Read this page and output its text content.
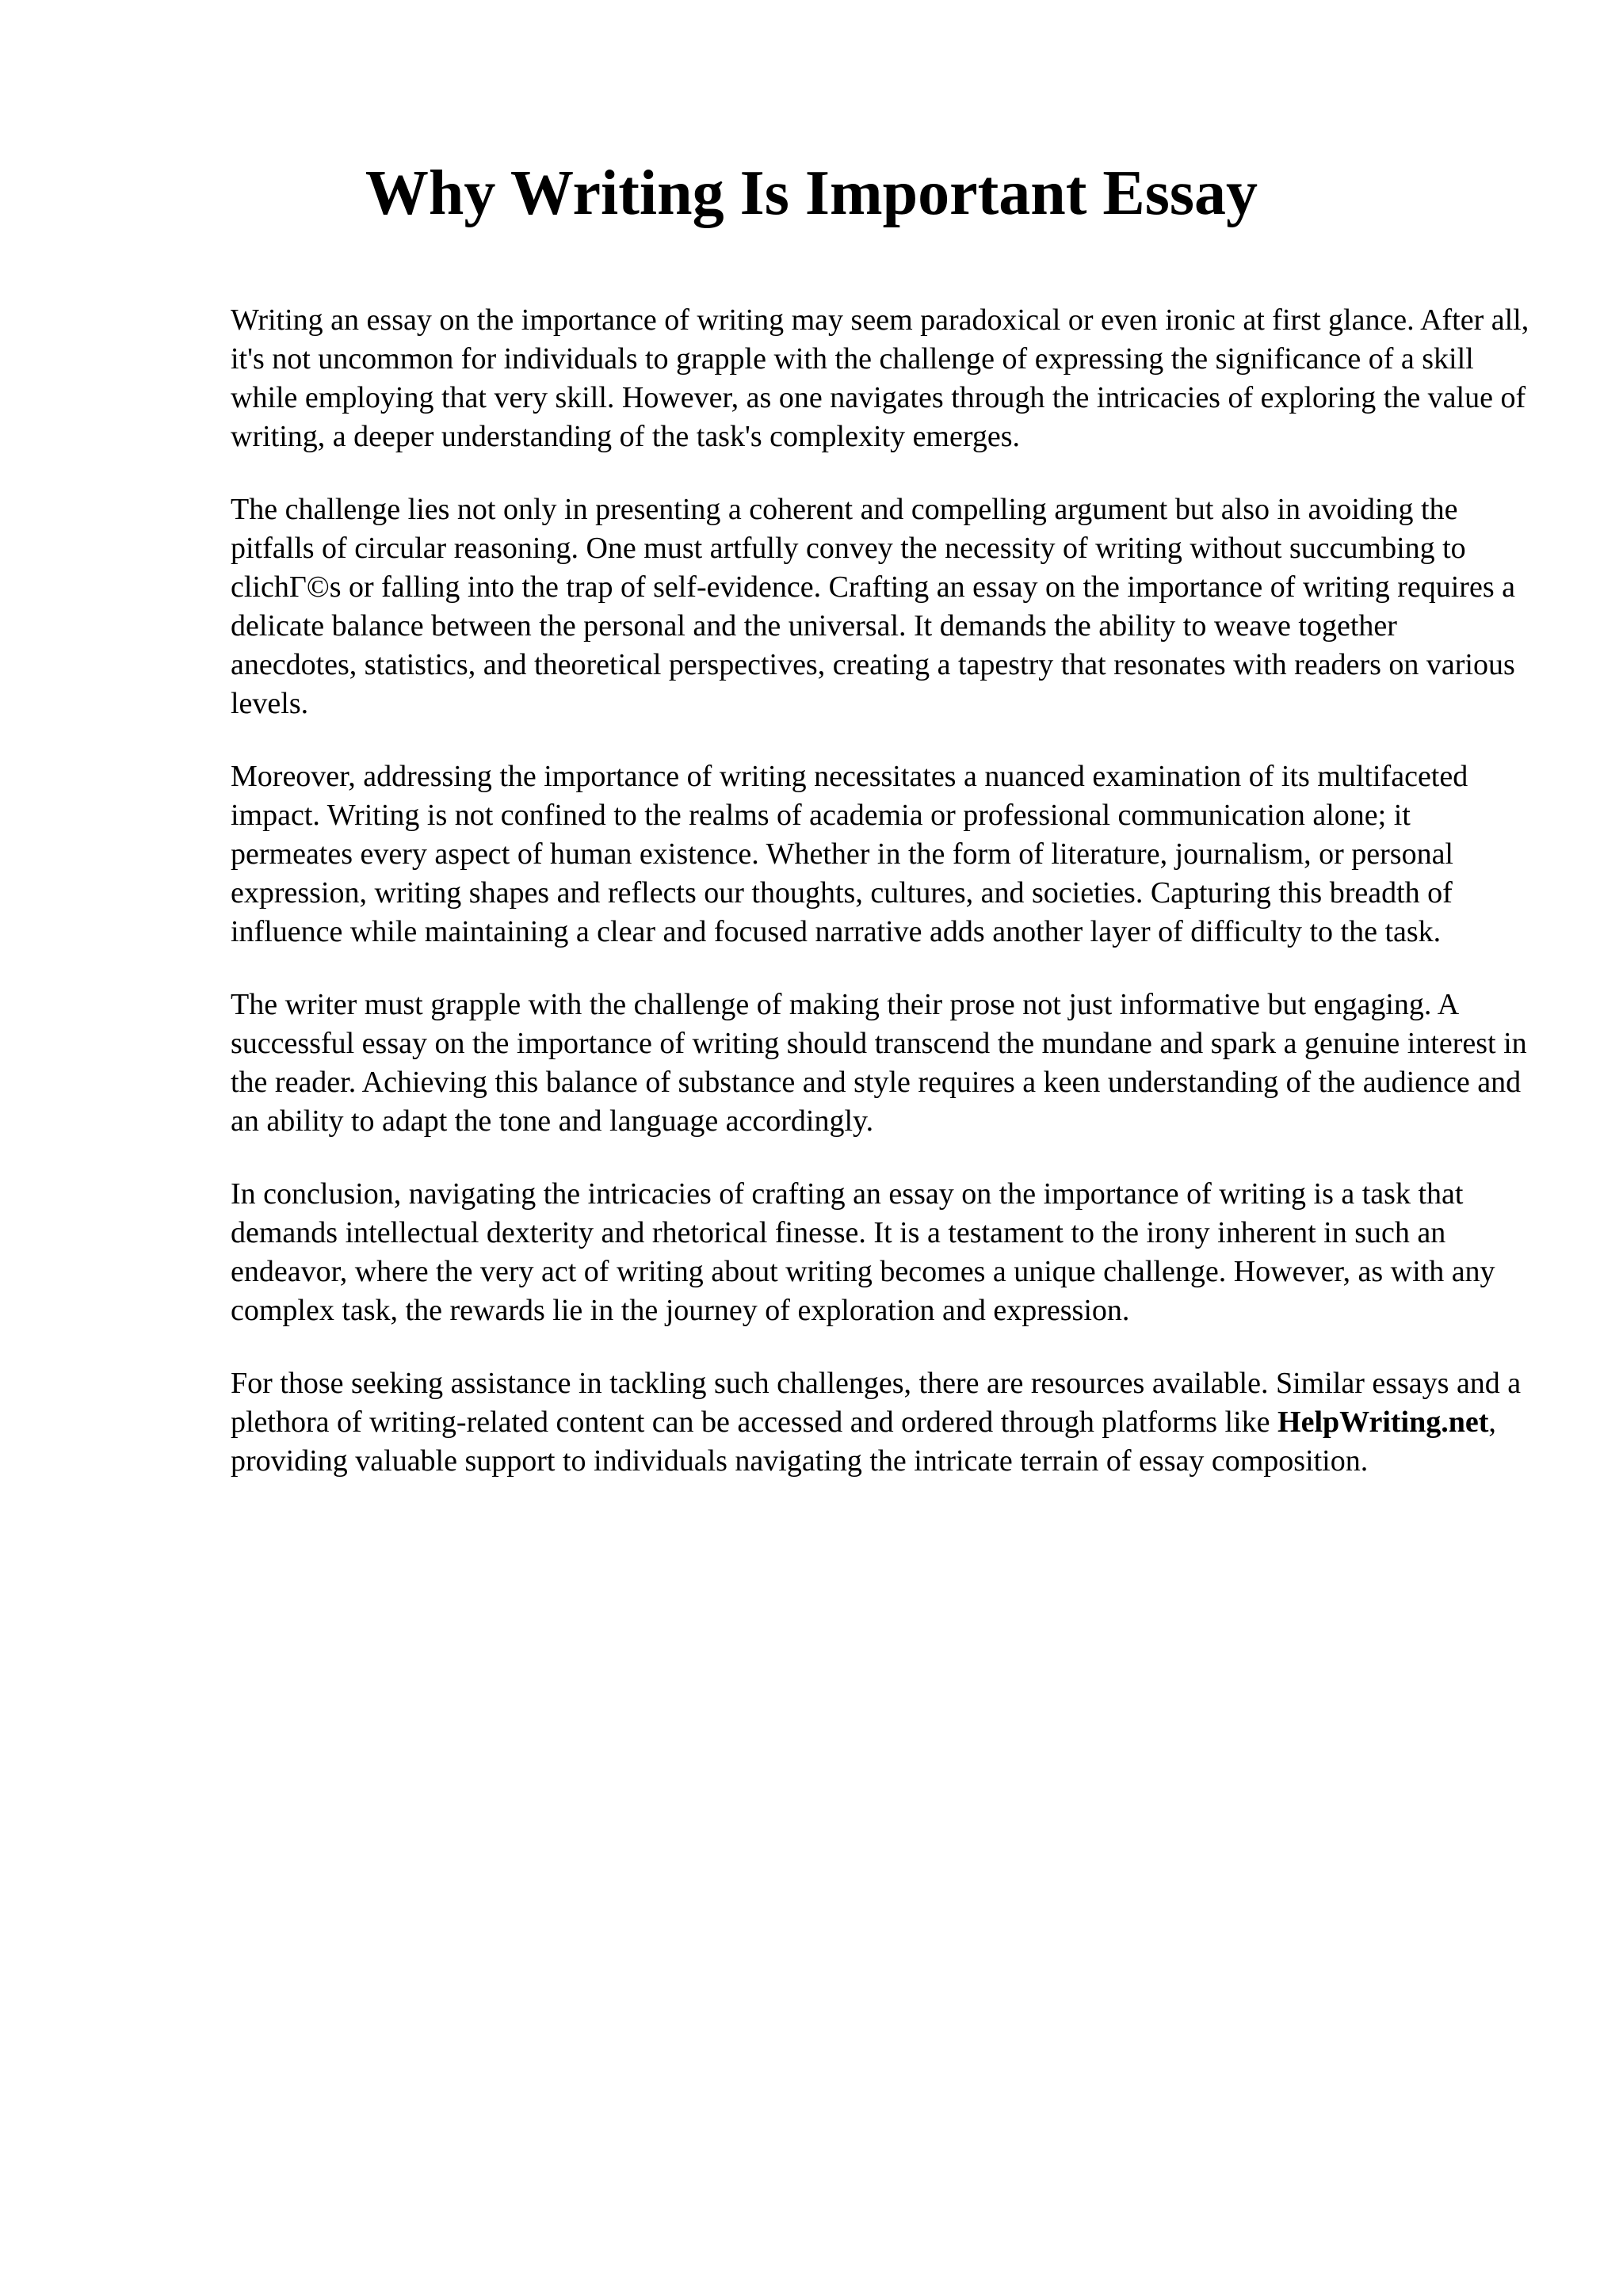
Why Writing Is Important Essay

Writing an essay on the importance of writing may seem paradoxical or even ironic at first glance. After all, it's not uncommon for individuals to grapple with the challenge of expressing the significance of a skill while employing that very skill. However, as one navigates through the intricacies of exploring the value of writing, a deeper understanding of the task's complexity emerges.

The challenge lies not only in presenting a coherent and compelling argument but also in avoiding the pitfalls of circular reasoning. One must artfully convey the necessity of writing without succumbing to clichΓ©s or falling into the trap of self-evidence. Crafting an essay on the importance of writing requires a delicate balance between the personal and the universal. It demands the ability to weave together anecdotes, statistics, and theoretical perspectives, creating a tapestry that resonates with readers on various levels.

Moreover, addressing the importance of writing necessitates a nuanced examination of its multifaceted impact. Writing is not confined to the realms of academia or professional communication alone; it permeates every aspect of human existence. Whether in the form of literature, journalism, or personal expression, writing shapes and reflects our thoughts, cultures, and societies. Capturing this breadth of influence while maintaining a clear and focused narrative adds another layer of difficulty to the task.

The writer must grapple with the challenge of making their prose not just informative but engaging. A successful essay on the importance of writing should transcend the mundane and spark a genuine interest in the reader. Achieving this balance of substance and style requires a keen understanding of the audience and an ability to adapt the tone and language accordingly.

In conclusion, navigating the intricacies of crafting an essay on the importance of writing is a task that demands intellectual dexterity and rhetorical finesse. It is a testament to the irony inherent in such an endeavor, where the very act of writing about writing becomes a unique challenge. However, as with any complex task, the rewards lie in the journey of exploration and expression.

For those seeking assistance in tackling such challenges, there are resources available. Similar essays and a plethora of writing-related content can be accessed and ordered through platforms like HelpWriting.net, providing valuable support to individuals navigating the intricate terrain of essay composition.
